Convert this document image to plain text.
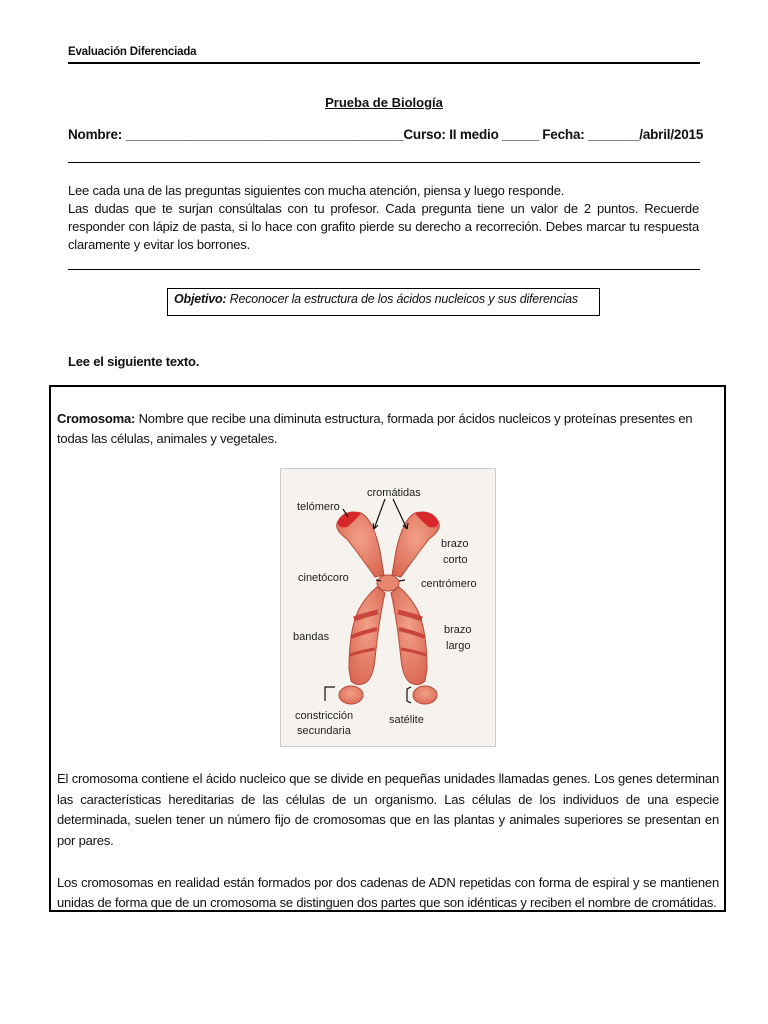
Evaluación Diferenciada
Prueba de Biología
Nombre: ______________________________________Curso: II medio _____ Fecha: _______/abril/2015
Lee cada una de las preguntas siguientes con mucha atención, piensa y luego responde.
Las dudas que te surjan consúltalas con tu profesor. Cada pregunta tiene un valor de 2 puntos. Recuerde responder con lápiz de pasta, si lo hace con grafito pierde su derecho a recorreción. Debes marcar tu respuesta claramente y evitar los borrones.
Objetivo: Reconocer la estructura de los ácidos nucleicos y sus diferencias
Lee el siguiente texto.
Cromosoma: Nombre que recibe una diminuta estructura, formada por ácidos nucleicos y proteínas presentes en todas las células, animales y vegetales.
cromátidas
telómero
brazo
corto
cinetócoro	centrómero
bandas
brazo
largo
constricción
secundaria
satélite
El cromosoma contiene el ácido nucleico que se divide en pequeñas unidades llamadas genes. Los genes determinan las características hereditarias de las células de un organismo. Las células de los individuos de una especie determinada, suelen tener un número fijo de cromosomas que en las plantas y animales superiores se presentan en por pares.
Los cromosomas en realidad están formados por dos cadenas de ADN repetidas con forma de espiral y se mantienen unidas de forma que de un cromosoma se distinguen dos partes que son idénticas y reciben el nombre de cromátidas.
